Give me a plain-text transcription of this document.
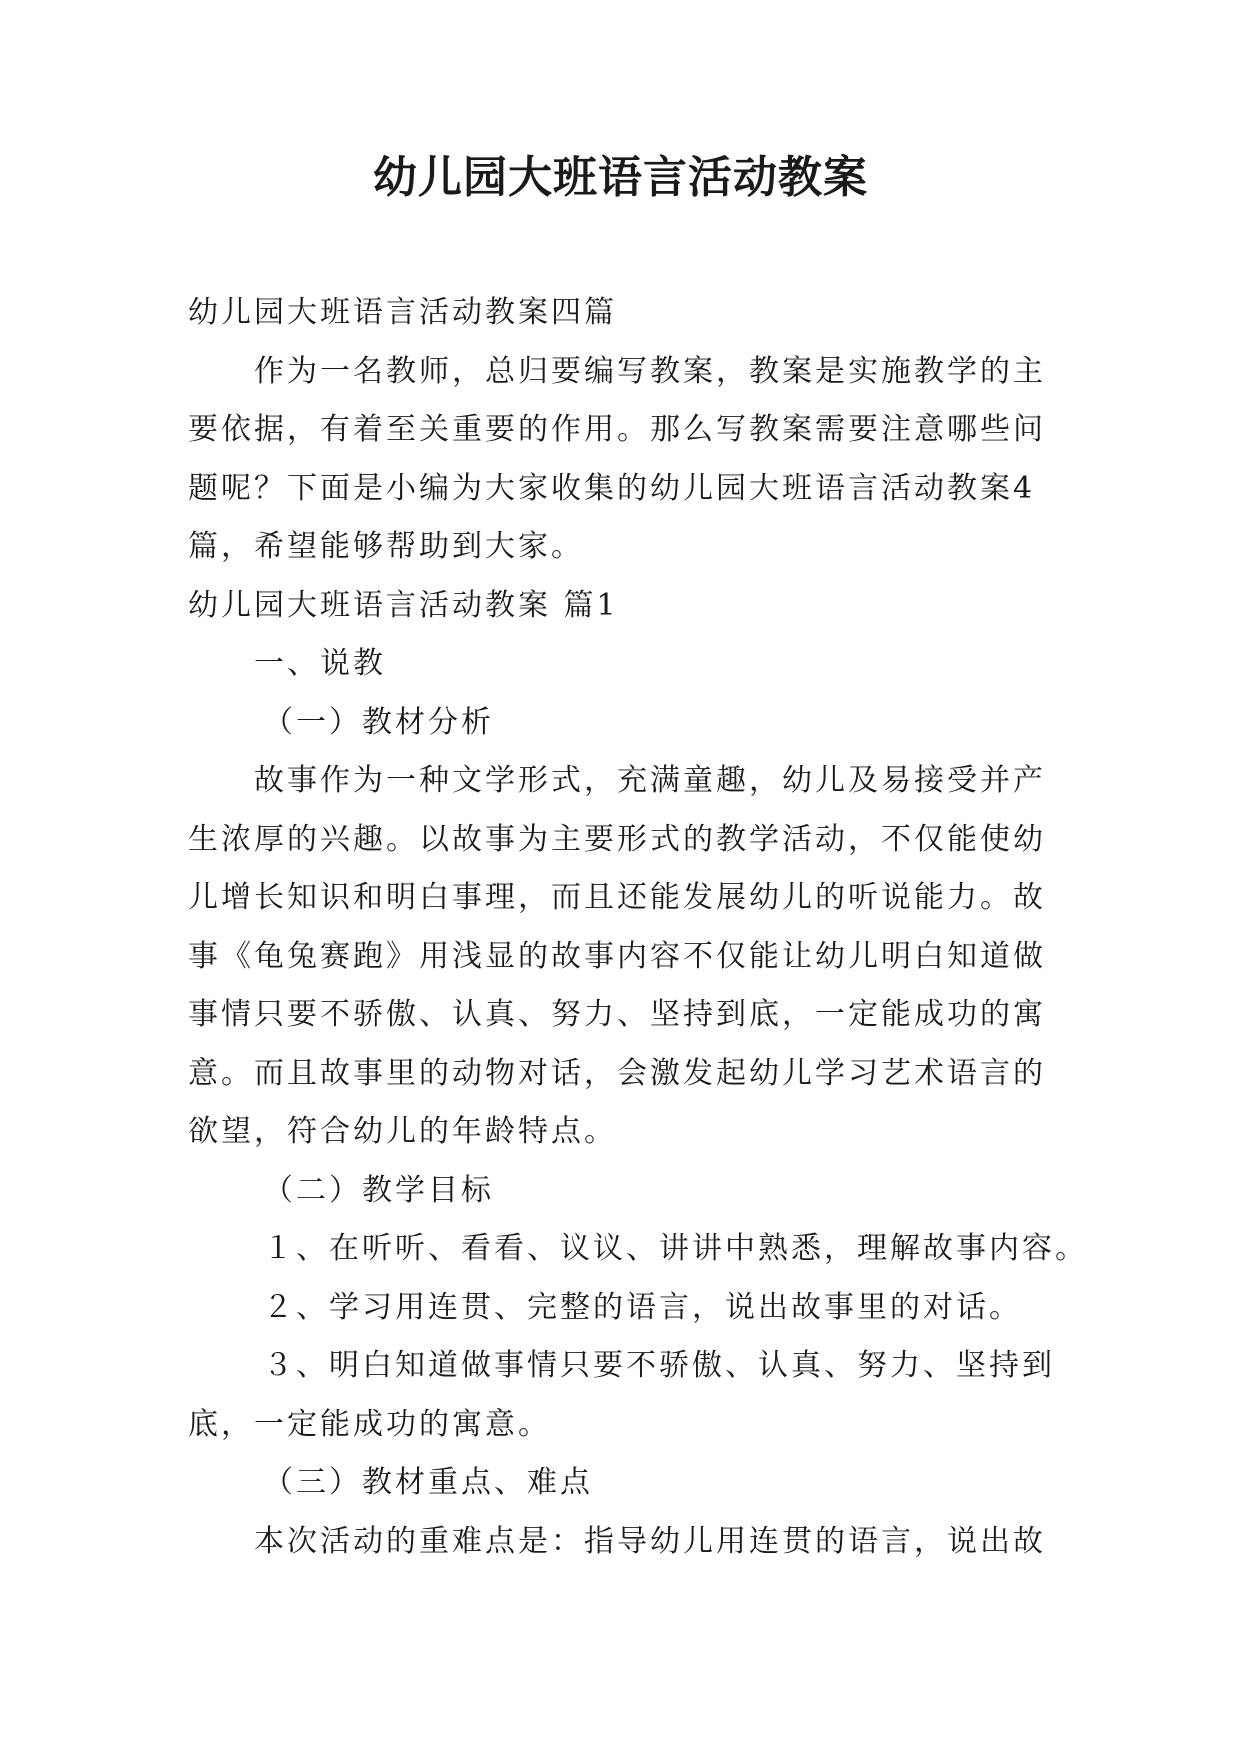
幼儿园大班语言活动教案

幼儿园大班语言活动教案四篇

作为一名教师，总归要编写教案，教案是实施教学的主

要依据，有着至关重要的作用。那么写教案需要注意哪些问

题呢？下面是小编为大家收集的幼儿园大班语言活动教案4

篇，希望能够帮助到大家。

幼儿园大班语言活动教案 篇1

一、说教

（一）教材分析

故事作为一种文学形式，充满童趣，幼儿及易接受并产

生浓厚的兴趣。以故事为主要形式的教学活动，不仅能使幼

儿增长知识和明白事理，而且还能发展幼儿的听说能力。故

事《龟兔赛跑》用浅显的故事内容不仅能让幼儿明白知道做

事情只要不骄傲、认真、努力、坚持到底，一定能成功的寓

意。而且故事里的动物对话，会激发起幼儿学习艺术语言的

欲望，符合幼儿的年龄特点。

（二）教学目标

１、在听听、看看、议议、讲讲中熟悉，理解故事内容。

２、学习用连贯、完整的语言，说出故事里的对话。

３、明白知道做事情只要不骄傲、认真、努力、坚持到

底，一定能成功的寓意。

（三）教材重点、难点

本次活动的重难点是：指导幼儿用连贯的语言，说出故
